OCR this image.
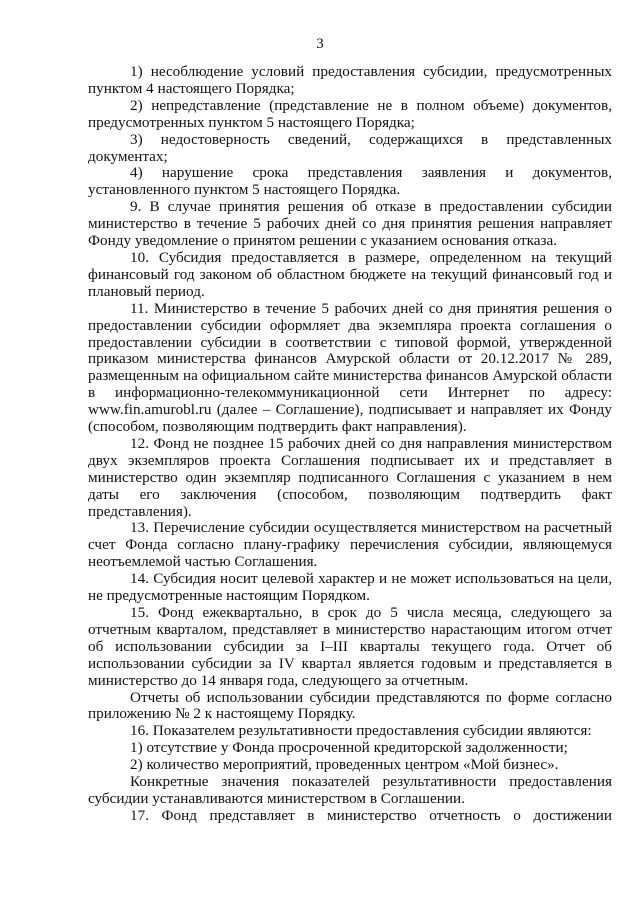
3

1) несоблюдение условий предоставления субсидии, предусмотренных пунктом 4 настоящего Порядка;

2) непредставление (представление не в полном объеме) документов, предусмотренных пунктом 5 настоящего Порядка;

3) недостоверность сведений, содержащихся в представленных документах;

4) нарушение срока представления заявления и документов, установленного пунктом 5 настоящего Порядка.

9. В случае принятия решения об отказе в предоставлении субсидии министерство в течение 5 рабочих дней со дня принятия решения направляет Фонду уведомление о принятом решении с указанием основания отказа.

10. Субсидия предоставляется в размере, определенном на текущий финансовый год законом об областном бюджете на текущий финансовый год и плановый период.

11. Министерство в течение 5 рабочих дней со дня принятия решения о предоставлении субсидии оформляет два экземпляра проекта соглашения о предоставлении субсидии в соответствии с типовой формой, утвержденной приказом министерства финансов Амурской области от 20.12.2017 № 289, размещенным на официальном сайте министерства финансов Амурской области в информационно-телекоммуникационной сети Интернет по адресу: www.fin.amurobl.ru (далее – Соглашение), подписывает и направляет их Фонду (способом, позволяющим подтвердить факт направления).

12. Фонд не позднее 15 рабочих дней со дня направления министерством двух экземпляров проекта Соглашения подписывает их и представляет в министерство один экземпляр подписанного Соглашения с указанием в нем даты его заключения (способом, позволяющим подтвердить факт представления).

13. Перечисление субсидии осуществляется министерством на расчетный счет Фонда согласно плану-графику перечисления субсидии, являющемуся неотъемлемой частью Соглашения.

14. Субсидия носит целевой характер и не может использоваться на цели, не предусмотренные настоящим Порядком.

15. Фонд ежеквартально, в срок до 5 числа месяца, следующего за отчетным кварталом, представляет в министерство нарастающим итогом отчет об использовании субсидии за I–III кварталы текущего года. Отчет об использовании субсидии за IV квартал является годовым и представляется в министерство до 14 января года, следующего за отчетным.

Отчеты об использовании субсидии представляются по форме согласно приложению № 2 к настоящему Порядку.

16. Показателем результативности предоставления субсидии являются:

1) отсутствие у Фонда просроченной кредиторской задолженности;

2) количество мероприятий, проведенных центром «Мой бизнес».

Конкретные значения показателей результативности предоставления субсидии устанавливаются министерством в Соглашении.

17. Фонд представляет в министерство отчетность о достижении
